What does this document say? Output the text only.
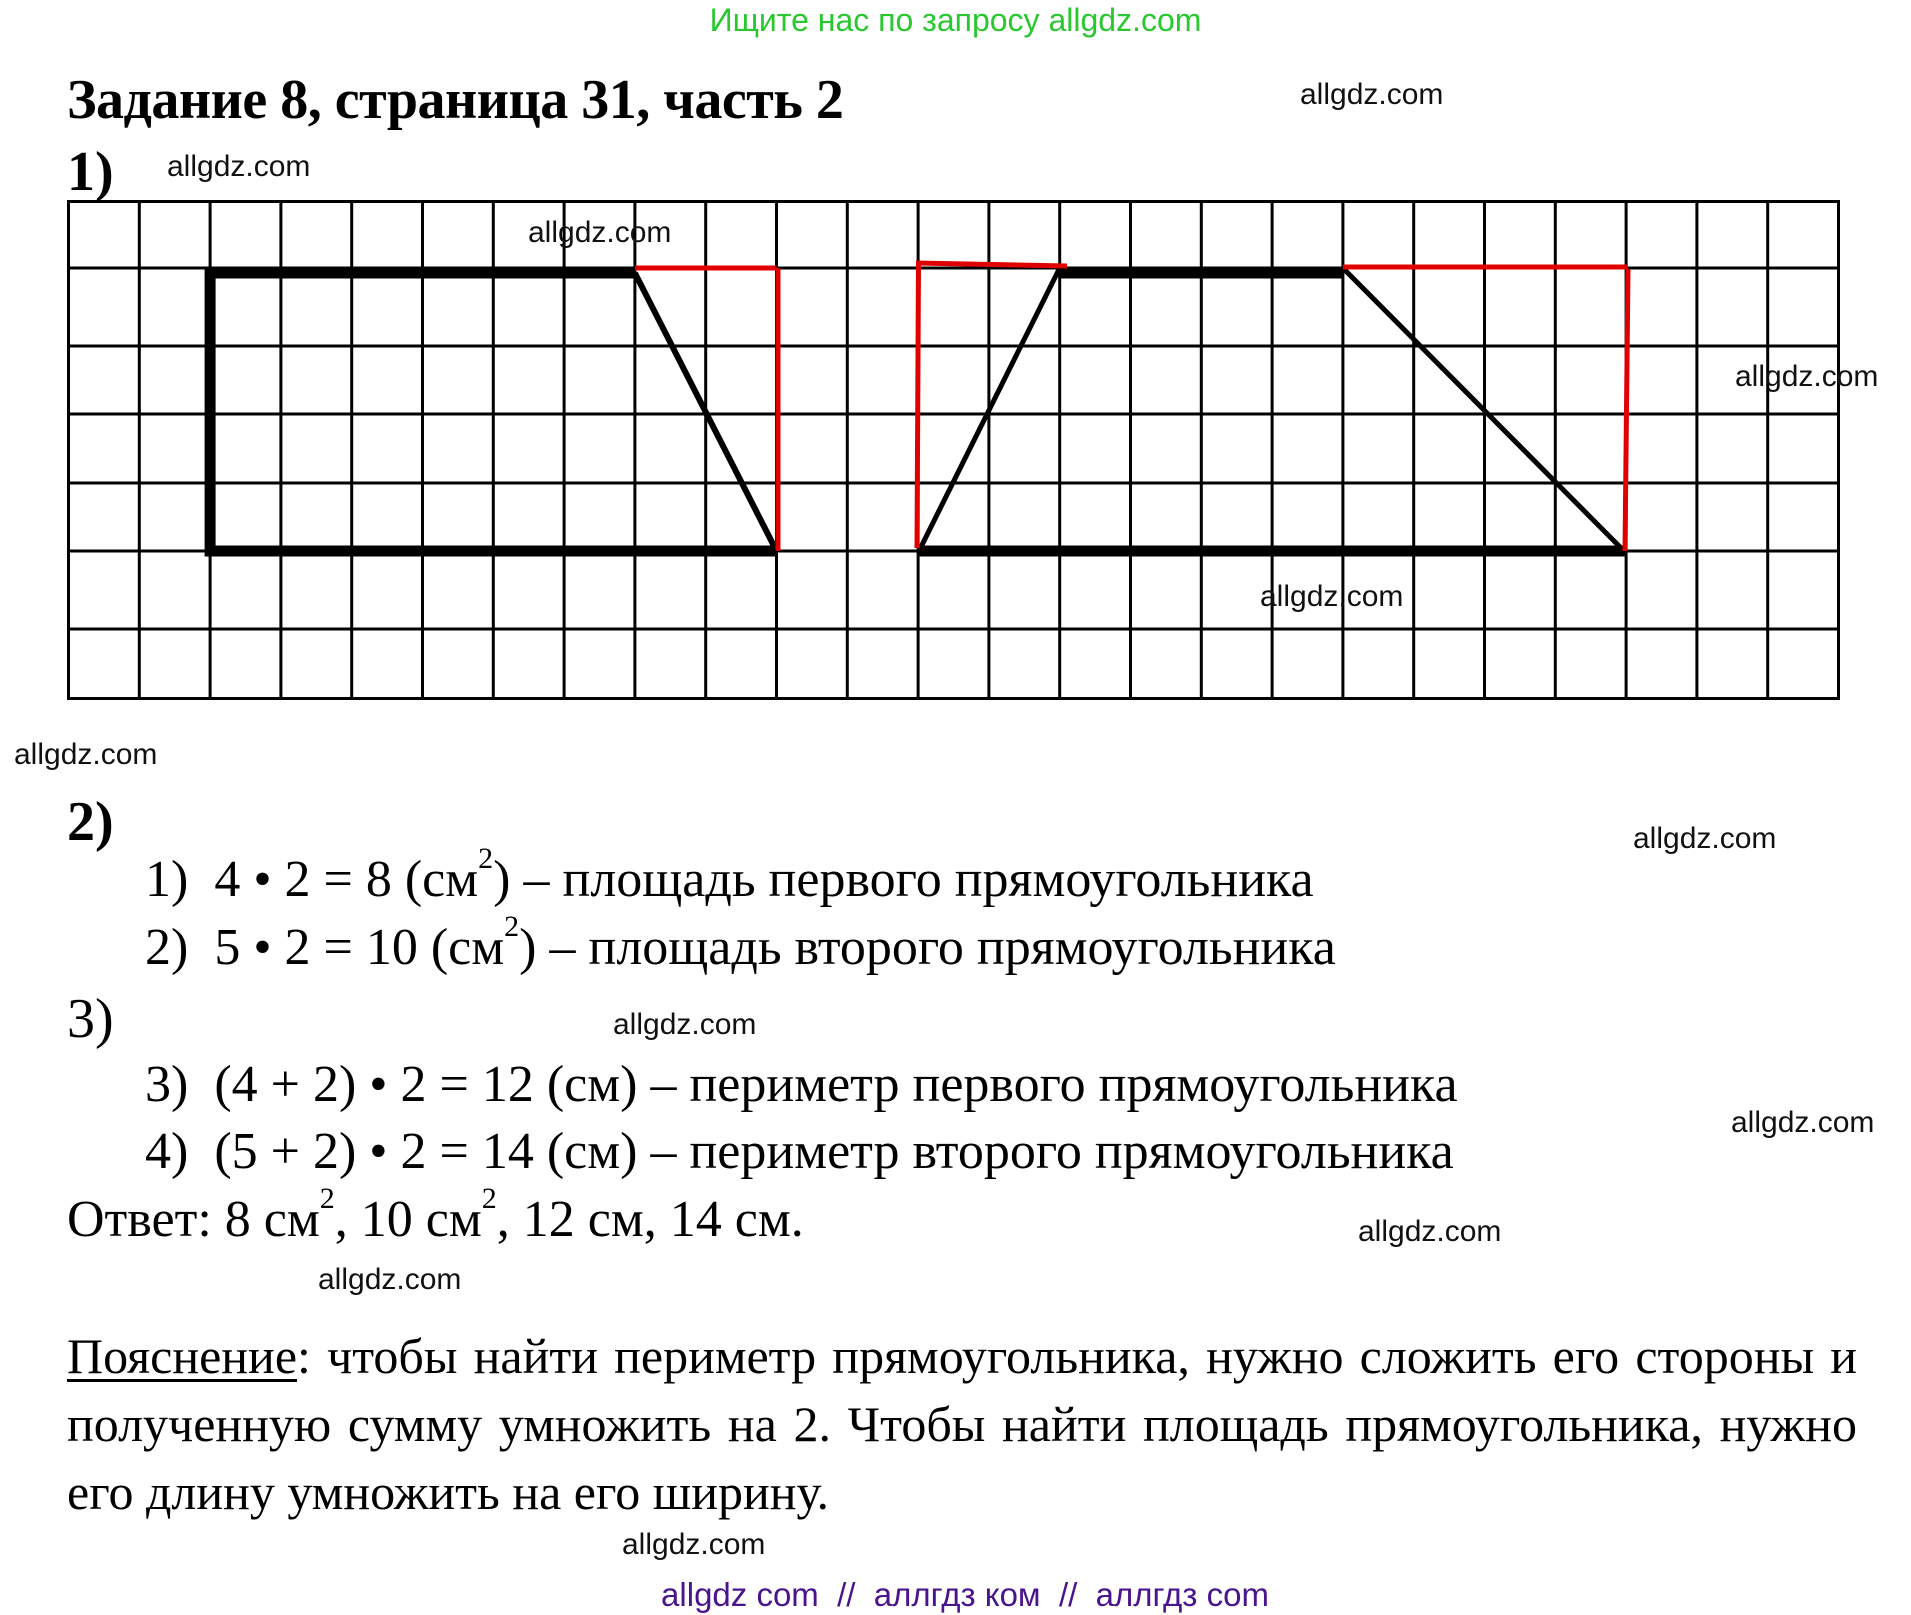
Ищите нас по запросу allgdz.com
Задание 8, страница 31, часть 2	allgdz.com
1) allgdz.com
allgdz.com
allgdz.com
allgdz.com
allgdz.com
2)	allgdz.com
1) 4 • 2 = 8 $(см^2)$ – площадь первого прямоугольника
2) 5 • 2 = 10 $(см^2)$ – площадь второго прямоугольника
3)	allgdz.com
3) (4 + 2) • 2 = 12 (см) – периметр первого прямоугольника
allgdz.com
4) (5 + 2) • 2 = 14 (см) – периметр второго прямоугольника
Ответ: 8 $см^2$, 10 $см^2$, 12 см, 14 см.	allgdz.com
allgdz.com
Пояснение: чтобы найти периметр прямоугольника, нужно сложить его стороны и полученную сумму умножить на 2. Чтобы найти площадь прямоугольника, нужно его длину умножить на его ширину.
allgdz.com
allgdz com  //  аллгдз ком  //  аллгдз com
